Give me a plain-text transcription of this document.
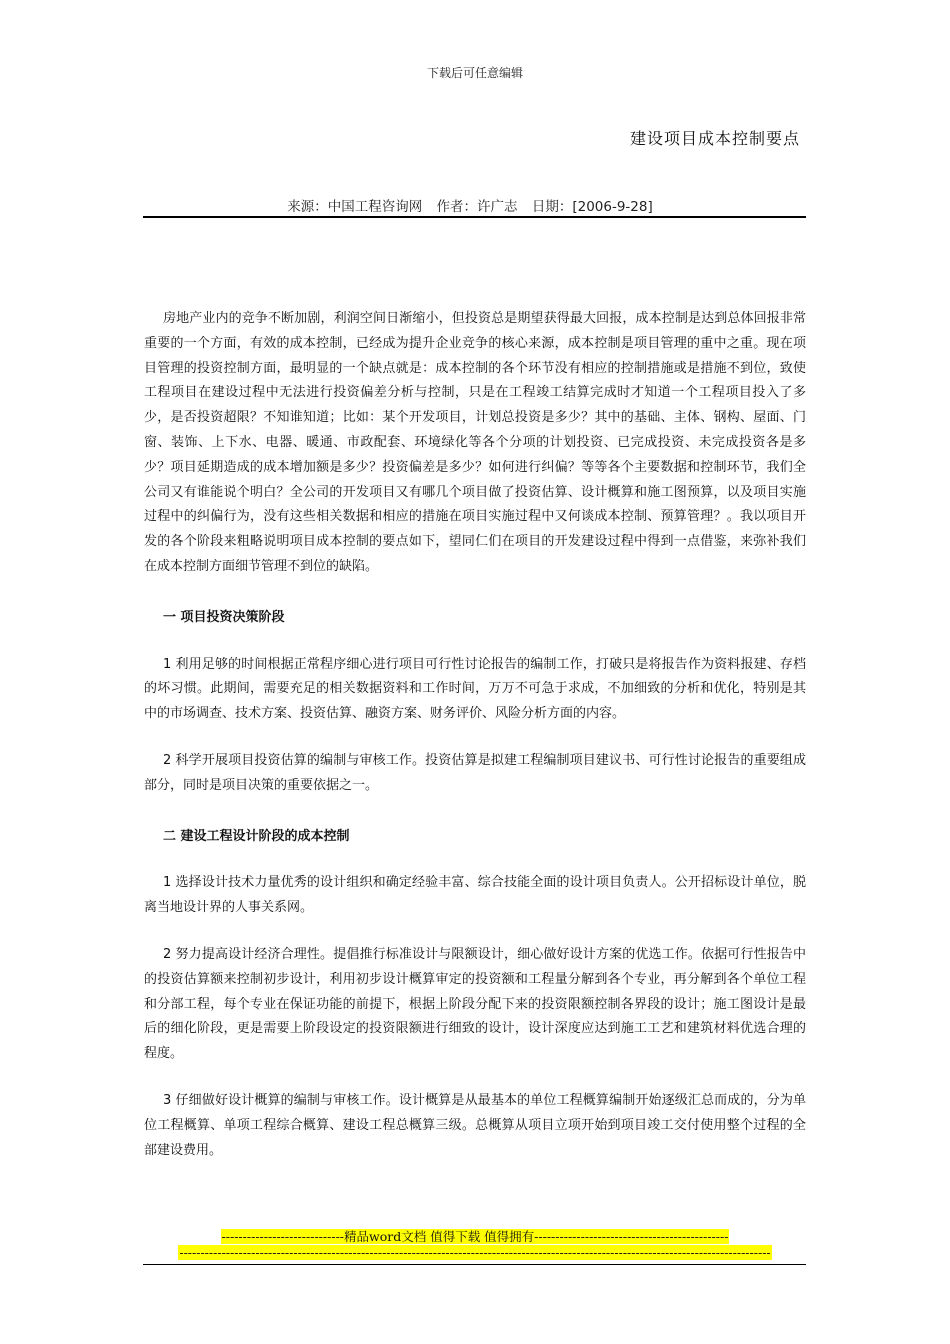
下载后可任意编辑
建设项目成本控制要点
来源：中国工程咨询网 作者：许广志 日期：[2006-9-28]

房地产业内的竞争不断加剧，利润空间日渐缩小，但投资总是期望获得最大回报，成本控制是达到总体回报非常重要的一个方面，有效的成本控制，已经成为提升企业竞争的核心来源，成本控制是项目管理的重中之重。现在项目管理的投资控制方面，最明显的一个缺点就是：成本控制的各个环节没有相应的控制措施或是措施不到位，致使工程项目在建设过程中无法进行投资偏差分析与控制，只是在工程竣工结算完成时才知道一个工程项目投入了多少，是否投资超限？不知谁知道；比如：某个开发项目，计划总投资是多少？其中的基础、主体、钢构、屋面、门窗、装饰、上下水、电器、暖通、市政配套、环境绿化等各个分项的计划投资、已完成投资、未完成投资各是多少？项目延期造成的成本增加额是多少？投资偏差是多少？如何进行纠偏？等等各个主要数据和控制环节，我们全公司又有谁能说个明白？全公司的开发项目又有哪几个项目做了投资估算、设计概算和施工图预算，以及项目实施过程中的纠偏行为，没有这些相关数据和相应的措施在项目实施过程中又何谈成本控制、预算管理？。我以项目开发的各个阶段来粗略说明项目成本控制的要点如下，望同仁们在项目的开发建设过程中得到一点借鉴，来弥补我们在成本控制方面细节管理不到位的缺陷。

一 项目投资决策阶段

1 利用足够的时间根据正常程序细心进行项目可行性讨论报告的编制工作，打破只是将报告作为资料报建、存档的坏习惯。此期间，需要充足的相关数据资料和工作时间，万万不可急于求成，不加细致的分析和优化，特别是其中的市场调查、技术方案、投资估算、融资方案、财务评价、风险分析方面的内容。

2 科学开展项目投资估算的编制与审核工作。投资估算是拟建工程编制项目建议书、可行性讨论报告的重要组成部分，同时是项目决策的重要依据之一。

二 建设工程设计阶段的成本控制

1 选择设计技术力量优秀的设计组织和确定经验丰富、综合技能全面的设计项目负责人。公开招标设计单位，脱离当地设计界的人事关系网。

2 努力提高设计经济合理性。提倡推行标准设计与限额设计，细心做好设计方案的优选工作。依据可行性报告中的投资估算额来控制初步设计，利用初步设计概算审定的投资额和工程量分解到各个专业，再分解到各个单位工程和分部工程，每个专业在保证功能的前提下，根据上阶段分配下来的投资限额控制各界段的设计；施工图设计是最后的细化阶段，更是需要上阶段设定的投资限额进行细致的设计，设计深度应达到施工工艺和建筑材料优选合理的程度。

3 仔细做好设计概算的编制与审核工作。设计概算是从最基本的单位工程概算编制开始逐级汇总而成的，分为单位工程概算、单项工程综合概算、建设工程总概算三级。总概算从项目立项开始到项目竣工交付使用整个过程的全部建设费用。

-----------------------------精品word文档 值得下载 值得拥有----------------------------------------------
--------------------------------------------------------------------------------------------------------------------------------------------
